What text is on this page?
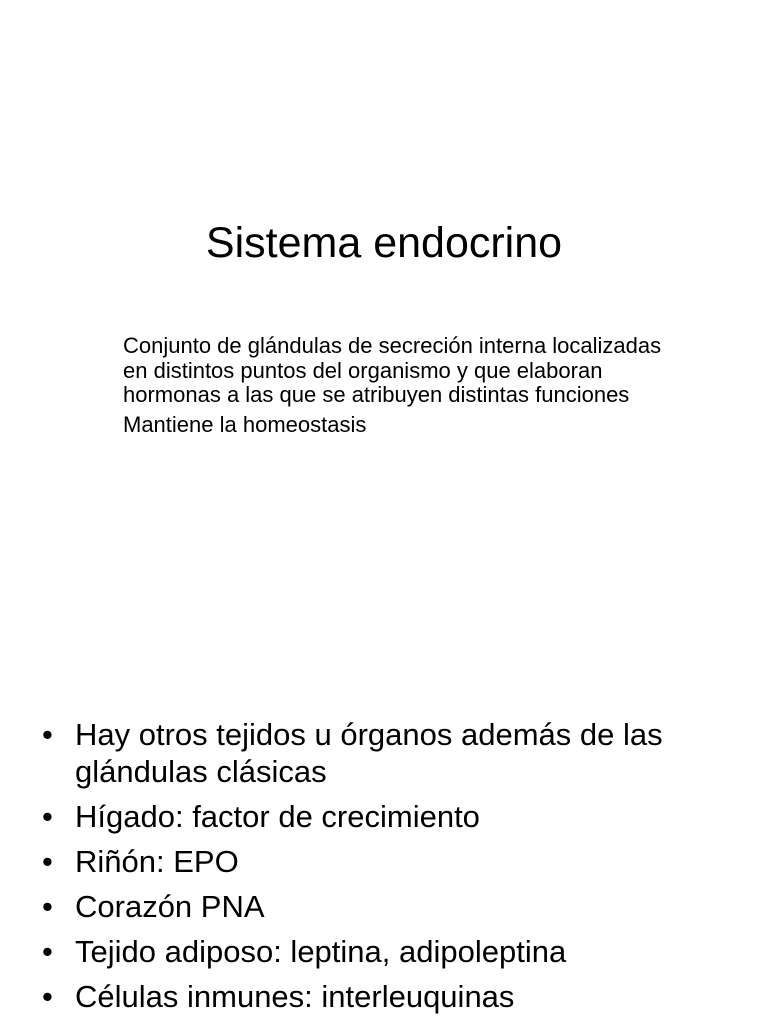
Sistema endocrino

Conjunto de glándulas de secreción interna localizadas en distintos puntos del organismo y que elaboran hormonas a las que se atribuyen distintas funciones

Mantiene la homeostasis

• Hay otros tejidos u órganos además de las glándulas clásicas
• Hígado: factor de crecimiento
• Riñón: EPO
• Corazón PNA
• Tejido adiposo: leptina, adipoleptina
• Células inmunes: interleuquinas
